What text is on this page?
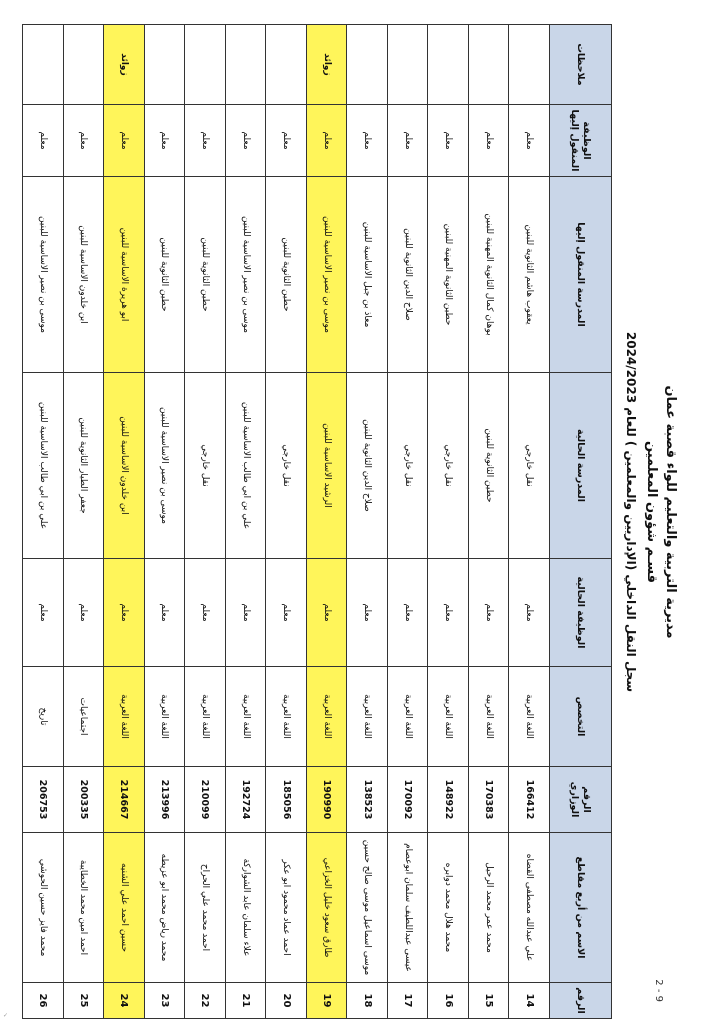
مديرية التربية والتعليم للواء قصبة عمان
قسـم شؤون المعلمين
سجل النقل الداخلي (الإداريين والمعلمين ) للعام 2024/2023
9 - 2
الرقم	الاسم من أربع مقاطع	الرقم الوزاري	التخصص	الوظيفة الحالية	المدرسة الحالية	المدرسة المنقول إليها	الوظيفة المنقول إليها	ملاحظات
14	علي عبدالله مصطفى القضاه	166412	اللغة العربية	معلم	نقل خارجي	يعقوب هاشم الثانوية للبنين	معلم	
15	محمد عمر محمد الرحيل	170383	اللغة العربية	معلم	حطين الثانوية للبنين	بوهان كمال الثانوية المهنية للبنين	معلم	
16	محمد هلال محمد دوابره	148922	اللغة العربية	معلم	نقل خارجي	حطين الثانوية المهنية للبنين	معلم	
17	عيسى عبداللطيف سلمان ابوعصام	170092	اللغة العربية	معلم	نقل خارجي	صلاح الدين الثانوية للبنين	معلم	
18	موسى اسماعيل موسى صالح حسين	138523	اللغة العربية	معلم	صلاح الدين الثانوية للبنين	معاذ بن جبل الاساسية للبنين	معلم	
19	طارق سعود خليل الخزاعي	190990	اللغة العربية	معلم	الرشيد الاساسية للبنين	موسى بن نصير الاساسية للبنين	معلم	زوائد
20	احمد عماد محمود ابو عكر	185056	اللغة العربية	معلم	نقل خارجي	حطين الثانوية للبنين	معلم	
21	علاء سلمان عابد الشواركة	192724	اللغة العربية	معلم	علي بن ابي طالب الاساسية للبنين	موسى بن نصير الاساسية للبنين	معلم	
22	احمد محمد علي الحراح	210099	اللغة العربية	معلم	نقل خارجي	حطين الثانوية للبنين	معلم	
23	محمد رياض محمد ابو عزيطه	213996	اللغة العربية	معلم	موسى بن نصير الاساسية للبنين	حطين الثانوية للبنين	معلم	
24	حسين احمد علي الشنيه	214667	اللغة العربية	معلم	ابن خلدون الاساسية للبنين	ابو هريرة الاساسية للبنين	معلم	زوائد
25	احمد امين محمد الخطايبة	200335	اجتماعيات	معلم	جعفر الطيار الثانوية للبنين	ابن خلدون الاساسية للبنين	معلم	
26	محمد فايز حسين الحوشي	206753	تاريخ	معلم	علي بن ابي طالب الاساسية للبنين	موسى بن نصير الاساسية للبنين	معلم	
✓
